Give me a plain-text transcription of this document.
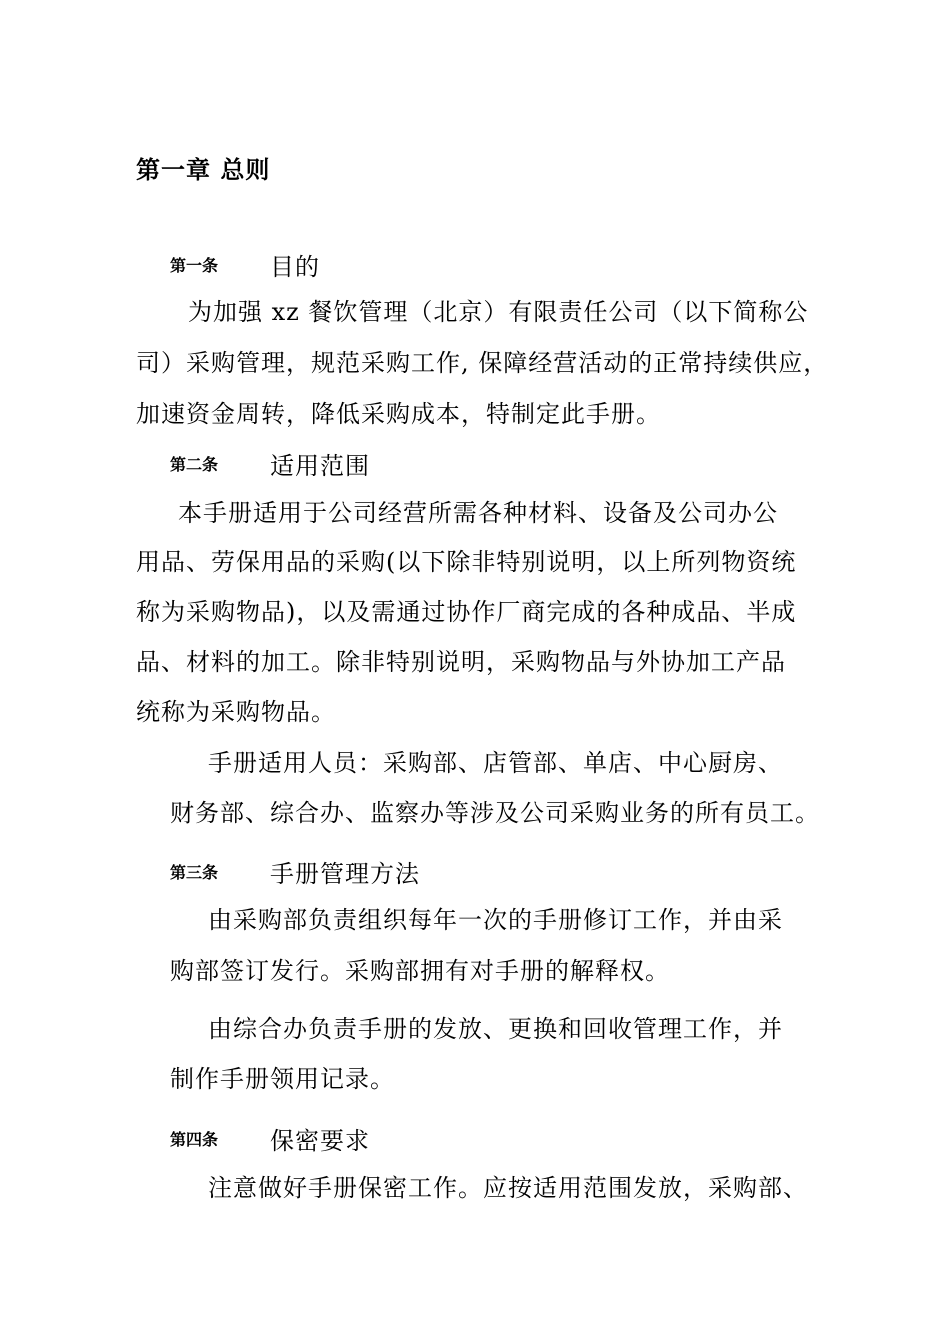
第一章 总则
第一条	目的
为加强 xz 餐饮管理（北京）有限责任公司（以下简称公
司）采购管理，规范采购工作, 保障经营活动的正常持续供应，
加速资金周转，降低采购成本，特制定此手册。
第二条	适用范围
本手册适用于公司经营所需各种材料、设备及公司办公
用品、劳保用品的采购(以下除非特别说明，以上所列物资统
称为采购物品)，以及需通过协作厂商完成的各种成品、半成
品、材料的加工。除非特别说明，采购物品与外协加工产品
统称为采购物品。
手册适用人员：采购部、店管部、单店、中心厨房、
财务部、综合办、监察办等涉及公司采购业务的所有员工。
第三条	手册管理方法
由采购部负责组织每年一次的手册修订工作，并由采
购部签订发行。采购部拥有对手册的解释权。
由综合办负责手册的发放、更换和回收管理工作，并
制作手册领用记录。
第四条	保密要求
注意做好手册保密工作。应按适用范围发放，采购部、
